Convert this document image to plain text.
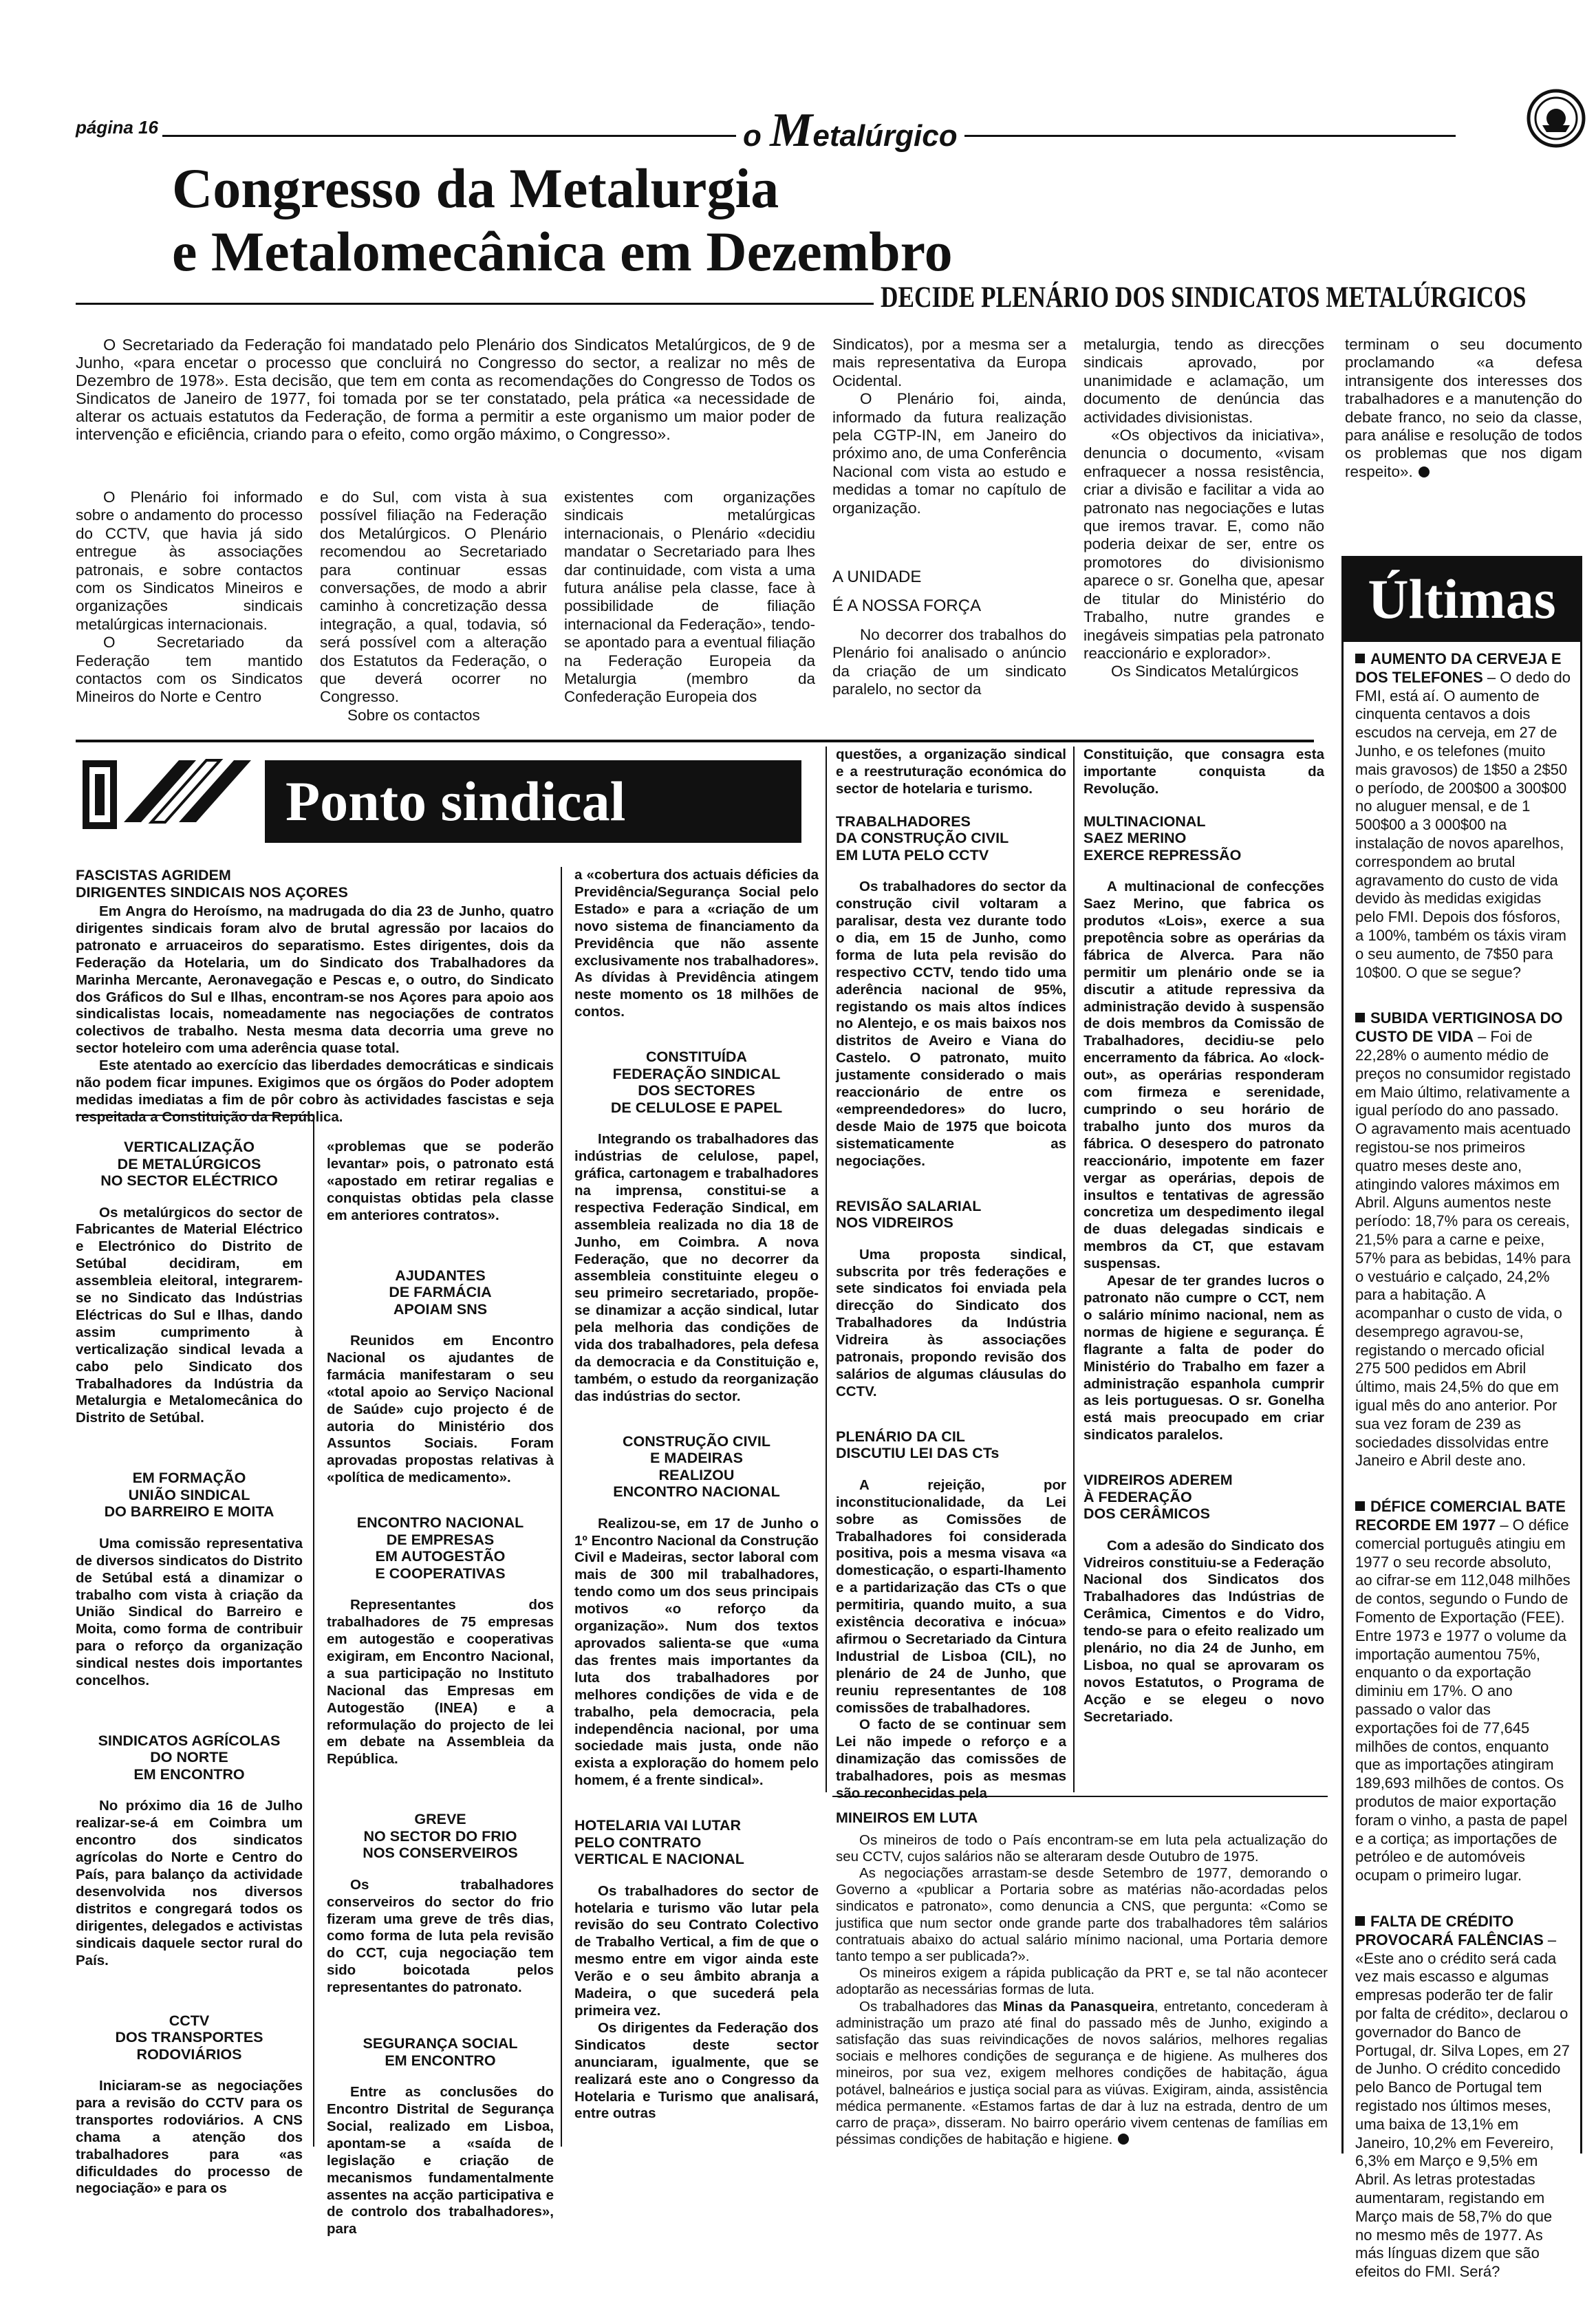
página 16	o Metalúrgico
Congresso da Metalurgia
e Metalomecânica em Dezembro
DECIDE PLENÁRIO DOS SINDICATOS METALÚRGICOS

O Secretariado da Federação foi mandatado pelo Plenário dos Sindicatos Metalúrgicos, de 9 de Junho, «para encetar o processo que concluirá no Congresso do sector, a realizar no mês de Dezembro de 1978». Esta decisão, que tem em conta as recomendações do Congresso de Todos os Sindicatos de Janeiro de 1977, foi tomada por se ter constatado, pela prática «a necessidade de alterar os actuais estatutos da Federação, de forma a permitir a este organismo um maior poder de intervenção e eficiência, criando para o efeito, como orgão máximo, o Congresso».

O Plenário foi informado sobre o andamento do processo do CCTV, que havia já sido entregue às associações patronais, e sobre contactos com os Sindicatos Mineiros e organizações sindicais metalúrgicas internacionais.

O Secretariado da Federação tem mantido contactos com os Sindicatos Mineiros do Norte e Centro

e do Sul, com vista à sua possível filiação na Federação dos Metalúrgicos. O Plenário recomendou ao Secretariado para continuar essas conversações, de modo a abrir caminho à concretização dessa integração, a qual, todavia, só será possível com a alteração dos Estatutos da Federação, o que deverá ocorrer no Congresso.

Sobre os contactos

existentes com organizações sindicais metalúrgicas internacionais, o Plenário «decidiu mandatar o Secretariado para lhes dar continuidade, com vista a uma futura análise pela classe, face à possibilidade de filiação internacional da Federação», tendo-se apontado para a eventual filiação na Federação Europeia da Metalurgia (membro da Confederação Europeia dos

Sindicatos), por a mesma ser a mais representativa da Europa Ocidental.

O Plenário foi, ainda, informado da futura realização pela CGTP-IN, em Janeiro do próximo ano, de uma Conferência Nacional com vista ao estudo e medidas a tomar no capítulo de organização.

A UNIDADE

É A NOSSA FORÇA

No decorrer dos trabalhos do Plenário foi analisado o anúncio da criação de um sindicato paralelo, no sector da

metalurgia, tendo as direcções sindicais aprovado, por unanimidade e aclamação, um documento de denúncia das actividades divisionistas.

«Os objectivos da iniciativa», denuncia o documento, «visam enfraquecer a nossa resistência, criar a divisão e facilitar a vida ao patronato nas negociações e lutas que iremos travar. E, como não poderia deixar de ser, entre os promotores do divisionismo aparece o sr. Gonelha que, apesar de titular do Ministério do Trabalho, nutre grandes e inegáveis simpatias pela patronato reaccionário e explorador».

Os Sindicatos Metalúrgicos

terminam o seu documento proclamando «a defesa intransigente dos interesses dos trabalhadores e a manutenção do debate franco, no seio da classe, para análise e resolução de todos os problemas que nos digam respeito».

Últimas
AUMENTO DA CERVEJA E DOS TELEFONES – O dedo do FMI, está aí. O aumento de cinquenta centavos a dois escudos na cerveja, em 27 de Junho, e os telefones (muito mais gravosos) de 1$50 a 2$50 o período, de 200$00 a 300$00 no aluguer mensal, e de 1 500$00 a 3 000$00 na instalação de novos aparelhos, correspondem ao brutal agravamento do custo de vida devido às medidas exigidas pelo FMI. Depois dos fósforos, a 100%, também os táxis viram o seu aumento, de 7$50 para 10$00. O que se segue?
SUBIDA VERTIGINOSA DO CUSTO DE VIDA – Foi de 22,28% o aumento médio de preços no consumidor registado em Maio último, relativamente a igual período do ano passado. O agravamento mais acentuado registou-se nos primeiros quatro meses deste ano, atingindo valores máximos em Abril. Alguns aumentos neste período: 18,7% para os cereais, 21,5% para a carne e peixe, 57% para as bebidas, 14% para o vestuário e calçado, 24,2% para a habitação. A acompanhar o custo de vida, o desemprego agravou-se, registando o mercado oficial 275 500 pedidos em Abril último, mais 24,5% do que em igual mês do ano anterior. Por sua vez foram de 239 as sociedades dissolvidas entre Janeiro e Abril deste ano.
DÉFICE COMERCIAL BATE RECORDE EM 1977 – O défice comercial português atingiu em 1977 o seu recorde absoluto, ao cifrar-se em 112,048 milhões de contos, segundo o Fundo de Fomento de Exportação (FEE). Entre 1973 e 1977 o volume da importação aumentou 75%, enquanto o da exportação diminiu em 17%. O ano passado o valor das exportações foi de 77,645 milhões de contos, enquanto que as importações atingiram 189,693 milhões de contos. Os produtos de maior exportação foram o vinho, a pasta de papel e a cortiça; as importações de petróleo e de automóveis ocupam o primeiro lugar.
FALTA DE CRÉDITO PROVOCARÁ FALÊNCIAS – «Este ano o crédito será cada vez mais escasso e algumas empresas poderão ter de falir por falta de crédito», declarou o governador do Banco de Portugal, dr. Silva Lopes, em 27 de Junho. O crédito concedido pelo Banco de Portugal tem registado nos últimos meses, uma baixa de 13,1% em Janeiro, 10,2% em Fevereiro, 6,3% em Março e 9,5% em Abril. As letras protestadas aumentaram, registando em Março mais de 58,7% do que no mesmo mês de 1977. As más línguas dizem que são efeitos do FMI. Será?
Ponto sindical
FASCISTAS AGRIDEM
DIRIGENTES SINDICAIS NOS AÇORES

Em Angra do Heroísmo, na madrugada do dia 23 de Junho, quatro dirigentes sindicais foram alvo de brutal agressão por lacaios do patronato e arruaceiros do separatismo. Estes dirigentes, dois da Federação da Hotelaria, um do Sindicato dos Trabalhadores da Marinha Mercante, Aeronavegação e Pescas e, o outro, do Sindicato dos Gráficos do Sul e Ilhas, encontram-se nos Açores para apoio aos sindicalistas locais, nomeadamente nas negociações de contratos colectivos de trabalho. Nesta mesma data decorria uma greve no sector hoteleiro com uma aderência quase total.

Este atentado ao exercício das liberdades democráticas e sindicais não podem ficar impunes. Exigimos que os órgãos do Poder adoptem medidas imediatas a fim de pôr cobro às actividades fascistas e seja respeitada a Constituição da República.

VERTICALIZAÇÃO
DE METALÚRGICOS
NO SECTOR ELÉCTRICO

Os metalúrgicos do sector de Fabricantes de Material Eléctrico e Electrónico do Distrito de Setúbal decidiram, em assembleia eleitoral, integrarem-se no Sindicato das Indústrias Eléctricas do Sul e Ilhas, dando assim cumprimento à verticalização sindical levada a cabo pelo Sindicato dos Trabalhadores da Indústria da Metalurgia e Metalomecânica do Distrito de Setúbal.

EM FORMAÇÃO
UNIÃO SINDICAL
DO BARREIRO E MOITA

Uma comissão representativa de diversos sindicatos do Distrito de Setúbal está a dinamizar o trabalho com vista à criação da União Sindical do Barreiro e Moita, como forma de contribuir para o reforço da organização sindical nestes dois importantes concelhos.

SINDICATOS AGRÍCOLAS
DO NORTE
EM ENCONTRO

No próximo dia 16 de Julho realizar-se-á em Coimbra um encontro dos sindicatos agrícolas do Norte e Centro do País, para balanço da actividade desenvolvida nos diversos distritos e congregará todos os dirigentes, delegados e activistas sindicais daquele sector rural do País.

CCTV
DOS TRANSPORTES
RODOVIÁRIOS

Iniciaram-se as negociações para a revisão do CCTV para os transportes rodoviários. A CNS chama a atenção dos trabalhadores para «as dificuldades do processo de negociação» e para os

«problemas que se poderão levantar» pois, o patronato está «apostado em retirar regalias e conquistas obtidas pela classe em anteriores contratos».

AJUDANTES
DE FARMÁCIA
APOIAM SNS

Reunidos em Encontro Nacional os ajudantes de farmácia manifestaram o seu «total apoio ao Serviço Nacional de Saúde» cujo projecto é de autoria do Ministério dos Assuntos Sociais. Foram aprovadas propostas relativas à «política de medicamento».

ENCONTRO NACIONAL
DE EMPRESAS
EM AUTOGESTÃO
E COOPERATIVAS

Representantes dos trabalhadores de 75 empresas em autogestão e cooperativas exigiram, em Encontro Nacional, a sua participação no Instituto Nacional das Empresas em Autogestão (INEA) e a reformulação do projecto de lei em debate na Assembleia da República.

GREVE
NO SECTOR DO FRIO
NOS CONSERVEIROS

Os trabalhadores conserveiros do sector do frio fizeram uma greve de três dias, como forma de luta pela revisão do CCT, cuja negociação tem sido boicotada pelos representantes do patronato.

SEGURANÇA SOCIAL
EM ENCONTRO

Entre as conclusões do Encontro Distrital de Segurança Social, realizado em Lisboa, apontam-se a «saída de legislação e criação de mecanismos fundamentalmente assentes na acção participativa e de controlo dos trabalhadores», para

a «cobertura dos actuais déficies da Previdência/Segurança Social pelo Estado» e para a «criação de um novo sistema de financiamento da Previdência que não assente exclusivamente nos trabalhadores». As dívidas à Previdência atingem neste momento os 18 milhões de contos.

CONSTITUÍDA
FEDERAÇÃO SINDICAL
DOS SECTORES
DE CELULOSE E PAPEL

Integrando os trabalhadores das indústrias de celulose, papel, gráfica, cartonagem e trabalhadores na imprensa, constitui-se a respectiva Federação Sindical, em assembleia realizada no dia 18 de Junho, em Coimbra. A nova Federação, que no decorrer da assembleia constituinte elegeu o seu primeiro secretariado, propõe-se dinamizar a acção sindical, lutar pela melhoria das condições de vida dos trabalhadores, pela defesa da democracia e da Constituição e, também, o estudo da reorganização das indústrias do sector.

CONSTRUÇÃO CIVIL
E MADEIRAS
REALIZOU
ENCONTRO NACIONAL

Realizou-se, em 17 de Junho o 1º Encontro Nacional da Construção Civil e Madeiras, sector laboral com mais de 300 mil trabalhadores, tendo como um dos seus principais motivos «o reforço da organização». Num dos textos aprovados salienta-se que «uma das frentes mais importantes da luta dos trabalhadores por melhores condições de vida e de trabalho, pela democracia, pela independência nacional, por uma sociedade mais justa, onde não exista a exploração do homem pelo homem, é a frente sindical».

HOTELARIA VAI LUTAR
PELO CONTRATO
VERTICAL E NACIONAL

Os trabalhadores do sector de hotelaria e turismo vão lutar pela revisão do seu Contrato Colectivo de Trabalho Vertical, a fim de que o mesmo entre em vigor ainda este Verão e o seu âmbito abranja a Madeira, o que sucederá pela primeira vez.

Os dirigentes da Federação dos Sindicatos deste sector anunciaram, igualmente, que se realizará este ano o Congresso da Hotelaria e Turismo que analisará, entre outras

questões, a organização sindical e a reestruturação económica do sector de hotelaria e turismo.

TRABALHADORES
DA CONSTRUÇÃO CIVIL
EM LUTA PELO CCTV

Os trabalhadores do sector da construção civil voltaram a paralisar, desta vez durante todo o dia, em 15 de Junho, como forma de luta pela revisão do respectivo CCTV, tendo tido uma aderência nacional de 95%, registando os mais altos índices no Alentejo, e os mais baixos nos distritos de Aveiro e Viana do Castelo. O patronato, muito justamente considerado o mais reaccionário de entre os «empreendedores» do lucro, desde Maio de 1975 que boicota sistematicamente as negociações.

REVISÃO SALARIAL
NOS VIDREIROS

Uma proposta sindical, subscrita por três federações e sete sindicatos foi enviada pela direcção do Sindicato dos Trabalhadores da Indústria Vidreira às associações patronais, propondo revisão dos salários de algumas cláusulas do CCTV.

PLENÁRIO DA CIL
DISCUTIU LEI DAS CTs

A rejeição, por inconstitucionalidade, da Lei sobre as Comissões de Trabalhadores foi considerada positiva, pois a mesma visava «a domesticação, o esparti-lhamento e a partidarização das CTs o que permitiria, quando muito, a sua existência decorativa e inócua» afirmou o Secretariado da Cintura Industrial de Lisboa (CIL), no plenário de 24 de Junho, que reuniu representantes de 108 comissões de trabalhadores.

O facto de se continuar sem Lei não impede o reforço e a dinamização das comissões de trabalhadores, pois as mesmas são reconhecidas pela

Constituição, que consagra esta importante conquista da Revolução.

MULTINACIONAL
SAEZ MERINO
EXERCE REPRESSÃO

A multinacional de confecções Saez Merino, que fabrica os produtos «Lois», exerce a sua prepotência sobre as operárias da fábrica de Alverca. Para não permitir um plenário onde se ia discutir a atitude repressiva da administração devido à suspensão de dois membros da Comissão de Trabalhadores, decidiu-se pelo encerramento da fábrica. Ao «lock-out», as operárias responderam com firmeza e serenidade, cumprindo o seu horário de trabalho junto dos muros da fábrica. O desespero do patronato reaccionário, impotente em fazer vergar as operárias, depois de insultos e tentativas de agressão concretiza um despedimento ilegal de duas delegadas sindicais e membros da CT, que estavam suspensas.

Apesar de ter grandes lucros o patronato não cumpre o CCT, nem o salário mínimo nacional, nem as normas de higiene e segurança. É flagrante a falta de poder do Ministério do Trabalho em fazer a administração espanhola cumprir as leis portuguesas. O sr. Gonelha está mais preocupado em criar sindicatos paralelos.

VIDREIROS ADEREM
À FEDERAÇÃO
DOS CERÂMICOS

Com a adesão do Sindicato dos Vidreiros constituiu-se a Federação Nacional dos Sindicatos dos Trabalhadores das Indústrias de Cerâmica, Cimentos e do Vidro, tendo-se para o efeito realizado um plenário, no dia 24 de Junho, em Lisboa, no qual se aprovaram os novos Estatutos, o Programa de Acção e se elegeu o novo Secretariado.

MINEIROS EM LUTA

Os mineiros de todo o País encontram-se em luta pela actualização do seu CCTV, cujos salários não se alteraram desde Outubro de 1975.

As negociações arrastam-se desde Setembro de 1977, demorando o Governo a «publicar a Portaria sobre as matérias não-acordadas pelos sindicatos e patronato», como denuncia a CNS, que pergunta: «Como se justifica que num sector onde grande parte dos trabalhadores têm salários contratuais abaixo do actual salário mínimo nacional, uma Portaria demore tanto tempo a ser publicada?».

Os mineiros exigem a rápida publicação da PRT e, se tal não acontecer adoptarão as necessárias formas de luta.

Os trabalhadores das Minas da Panasqueira, entretanto, concederam à administração um prazo até final do passado mês de Junho, exigindo a satisfação das suas reivindicações de novos salários, melhores regalias sociais e melhores condições de segurança e de higiene. As mulheres dos mineiros, por sua vez, exigem melhores condições de habitação, água potável, balneários e justiça social para as viúvas. Exigiram, ainda, assistência médica permanente. «Estamos fartas de dar à luz na estrada, dentro de um carro de praça», disseram. No bairro operário vivem centenas de famílias em péssimas condições de habitação e higiene.
